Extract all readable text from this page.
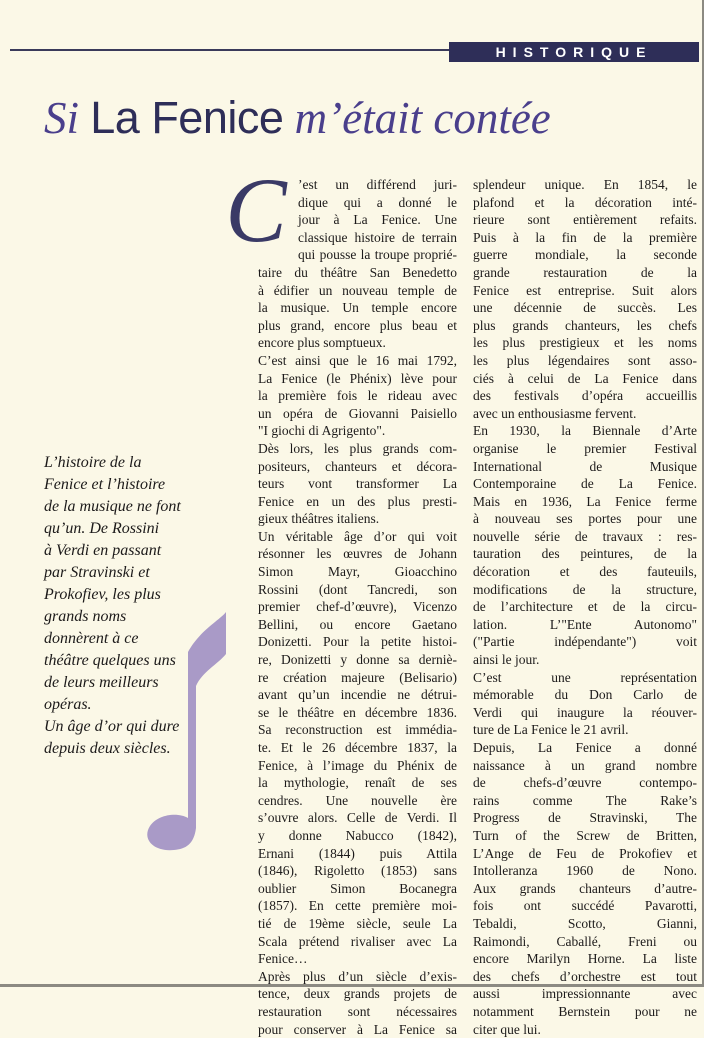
HISTORIQUE
Si La Fenice m’était contée
L’histoire de la
Fenice et l’histoire
de la musique ne font
qu’un. De Rossini
à Verdi en passant
par Stravinski et
Prokofiev, les plus
grands noms
donnèrent à ce
théâtre quelques uns
de leurs meilleurs
opéras.
Un âge d’or qui dure
depuis deux siècles.
C ’est un différend juri-
dique qui a donné le
jour à La Fenice. Une
classique histoire de terrain
qui pousse la troupe proprié-
taire du théâtre San Benedetto
à édifier un nouveau temple de
la musique. Un temple encore
plus grand, encore plus beau et
encore plus somptueux.
C’est ainsi que le 16 mai 1792,
La Fenice (le Phénix) lève pour
la première fois le rideau avec
un opéra de Giovanni Paisiello
"I giochi di Agrigento".
Dès lors, les plus grands com-
positeurs, chanteurs et décora-
teurs vont transformer La
Fenice en un des plus presti-
gieux théâtres italiens.
Un véritable âge d’or qui voit
résonner les œuvres de Johann
Simon Mayr, Gioacchino
Rossini (dont Tancredi, son
premier chef-d’œuvre), Vicenzo
Bellini, ou encore Gaetano
Donizetti. Pour la petite histoi-
re, Donizetti y donne sa derniè-
re création majeure (Belisario)
avant qu’un incendie ne détrui-
se le théâtre en décembre 1836.
Sa reconstruction est immédia-
te. Et le 26 décembre 1837, la
Fenice, à l’image du Phénix de
la mythologie, renaît de ses
cendres. Une nouvelle ère
s’ouvre alors. Celle de Verdi. Il
y donne Nabucco (1842),
Ernani (1844) puis Attila
(1846), Rigoletto (1853) sans
oublier Simon Bocanegra
(1857). En cette première moi-
tié de 19ème siècle, seule La
Scala prétend rivaliser avec La
Fenice…
Après plus d’un siècle d’exis-
tence, deux grands projets de
restauration sont nécessaires
pour conserver à La Fenice sa
splendeur unique. En 1854, le
plafond et la décoration inté-
rieure sont entièrement refaits.
Puis à la fin de la première
guerre mondiale, la seconde
grande restauration de la
Fenice est entreprise. Suit alors
une décennie de succès. Les
plus grands chanteurs, les chefs
les plus prestigieux et les noms
les plus légendaires sont asso-
ciés à celui de La Fenice dans
des festivals d’opéra accueillis
avec un enthousiasme fervent.
En 1930, la Biennale d’Arte
organise le premier Festival
International de Musique
Contemporaine de La Fenice.
Mais en 1936, La Fenice ferme
à nouveau ses portes pour une
nouvelle série de travaux : res-
tauration des peintures, de la
décoration et des fauteuils,
modifications de la structure,
de l’architecture et de la circu-
lation. L’"Ente Autonomo"
("Partie indépendante") voit
ainsi le jour.
C’est une représentation
mémorable du Don Carlo de
Verdi qui inaugure la réouver-
ture de La Fenice le 21 avril.
Depuis, La Fenice a donné
naissance à un grand nombre
de chefs-d’œuvre contempo-
rains comme The Rake’s
Progress de Stravinski, The
Turn of the Screw de Britten,
L’Ange de Feu de Prokofiev et
Intolleranza 1960 de Nono.
Aux grands chanteurs d’autre-
fois ont succédé Pavarotti,
Tebaldi, Scotto, Gianni,
Raimondi, Caballé, Freni ou
encore Marilyn Horne. La liste
des chefs d’orchestre est tout
aussi impressionnante avec
notamment Bernstein pour ne
citer que lui.
